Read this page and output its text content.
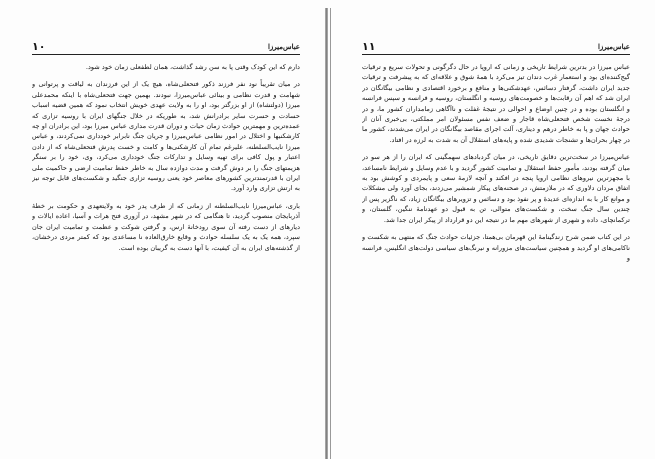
عباس‌میرزا
۱۰

دارم که این کودک وقتی پا به سن رشد گذاشت، همان لطفعلی زمان خود شود.

در میان تقریباً نود نفر فرزند ذکور فتحعلی‌شاه، هیچ یک از این فرزندان به لیاقت و پرتوانی و شهامت و قدرت نظامی و بینائی عباس‌میرزا، نبودند. بهمین جهت فتحعلی‌شاه با اینکه محمدعلی میرزا (دولتشاه) از او بزرگتر بود، او را به ولایت عهدی خویش انتخاب نمود که همین قضیه اسباب حسادت و حسرت سایر برادرانش شد، به طوریکه در خلال جنگهای ایران با روسیه تزاری که عمده‌ترین و مهمترین حوادث زمان حیات و دوران قدرت مداری عباس میرزا بود، این برادران او چه کارشکنیها و اختلال در امور نظامی عباس‌میرزا و جریان جنگ نابرابر خودداری نمی‌کردند، و عباس میرزا نایب‌السلطنه، علیرغم تمام آن کارشکنی‌ها و کامت و خست پدرش فتحعلی‌شاه که از دادن اعتبار و پول کافی برای تهیه وسایل و تدارکات جنگ خودداری می‌کرد، وی، خود را بر سنگر هزیمتهای جنگ را بر دوش گرفت و مدت دوازده سال به خاطر حفظ تمامیت ارضی و حاکمیت ملی ایران با قدرتمندترین کشورهای معاصر خود یعنی روسیه تزاری جنگید و شکست‌های قابل توجه نیز به ارتش تزاری وارد آورد.

باری، عباس‌میرزا نایب‌السلطنه از زمانی که از طرف پدر خود به ولایتعهدی و حکومت بر خطهٔ آذربایجان منصوب گردید، تا هنگامی که در شهر مشهد، در آزوری فتح هرات و آسیا، اعاده ایالات و دیارهای از دست رفته آن سوی رودخانهٔ ارس، و گرفتن شوکت و عظمت و تمامیت ایران جان سپرد، همه یک به یک سلسله حوادث و وقایع خارق‌العاده نا مساعدی بود که کمتر مردی درخشان، از گذشته‌های ایران به آن کیفیت، با آنها دست به گریبان بوده است.

عباس‌میرزا
۱۱

عباس میرزا در بدترین شرایط تاریخی و زمانی که اروپا در حال دگرگونی و تحولات سریع و ترقیات گیج‌کننده‌ای بود و استعمار غرب دندان تیز می‌کرد با همهٔ شوق و علاقه‌ای که به پیشرفت و ترقیات جدید ایران داشت، گرفتار دسائس، عهدشکنی‌ها و منافع و برخورد اقتصادی و نظامی بیگانگان در ایران شد که اهم آن رقابت‌ها و خصومت‌های روسیه و انگلستان، روسیه و فرانسه و سپس فرانسه و انگلستان بوده و در چنین اوضاع و احوالی در نتیجهٔ غفلت و ناآگاهی زمامداران کشور ما، و در درجهٔ نخست شخص فتحعلی‌شاه قاجار و ضعف نفس مسئولان امر مملکتی، بی‌خبری آنان از حوادث جهان و پا به خاطر درهم و دیناری، آلت اجرای مقاصد بیگانگان در ایران می‌شدند، کشور ما در چهار بحران‌ها و تشنجات شدیدی شده و پایه‌های استقلال آن به شدت به لرزه در افتاد.

عباس‌میرزا در سخت‌ترین دقایق تاریخی، در میان گردبادهای سهمگینی که ایران را از هر سو در میان گرفته بودند، مأمور حفظ استقلال و تمامیت کشور گردید و با عدم وسایل و شرایط نامساعد، با مجهزترین نیروهای نظامی اروپا پنجه در افکند و آنچه لازمهٔ سعی و پایمردی و کوشش بود به اتفاق مردان دلاوری که در ملازمتش، در صحنه‌های پیکار شمشیر می‌زدند، بجای آورد ولی مشکلات و موانع کار با به اندازه‌ای عدیدهٔ و پر نفوذ بود و دسائس و تزویرهای بیگانگان زیاد، که ناگزیر پس از چندین سال جنگ سخت، و شکست‌های متوالی، تن به قبول دو عهدنامهٔ ننگین، گلستان، و ترکمانچای، داده و شهری از شهرهای مهم ما در نتیجه این دو قرارداد از پیکر ایران جدا شد.

در این کتاب ضمن شرح زندگینامهٔ این قهرمان بی‌همتا، جزئیات حوادث جنگ که منتهی به شکست و ناکامی‌های او گردید و همچنین سیاست‌های مزورانه و نیرنگ‌های سیاسی دولت‌های انگلیس، فرانسه و
